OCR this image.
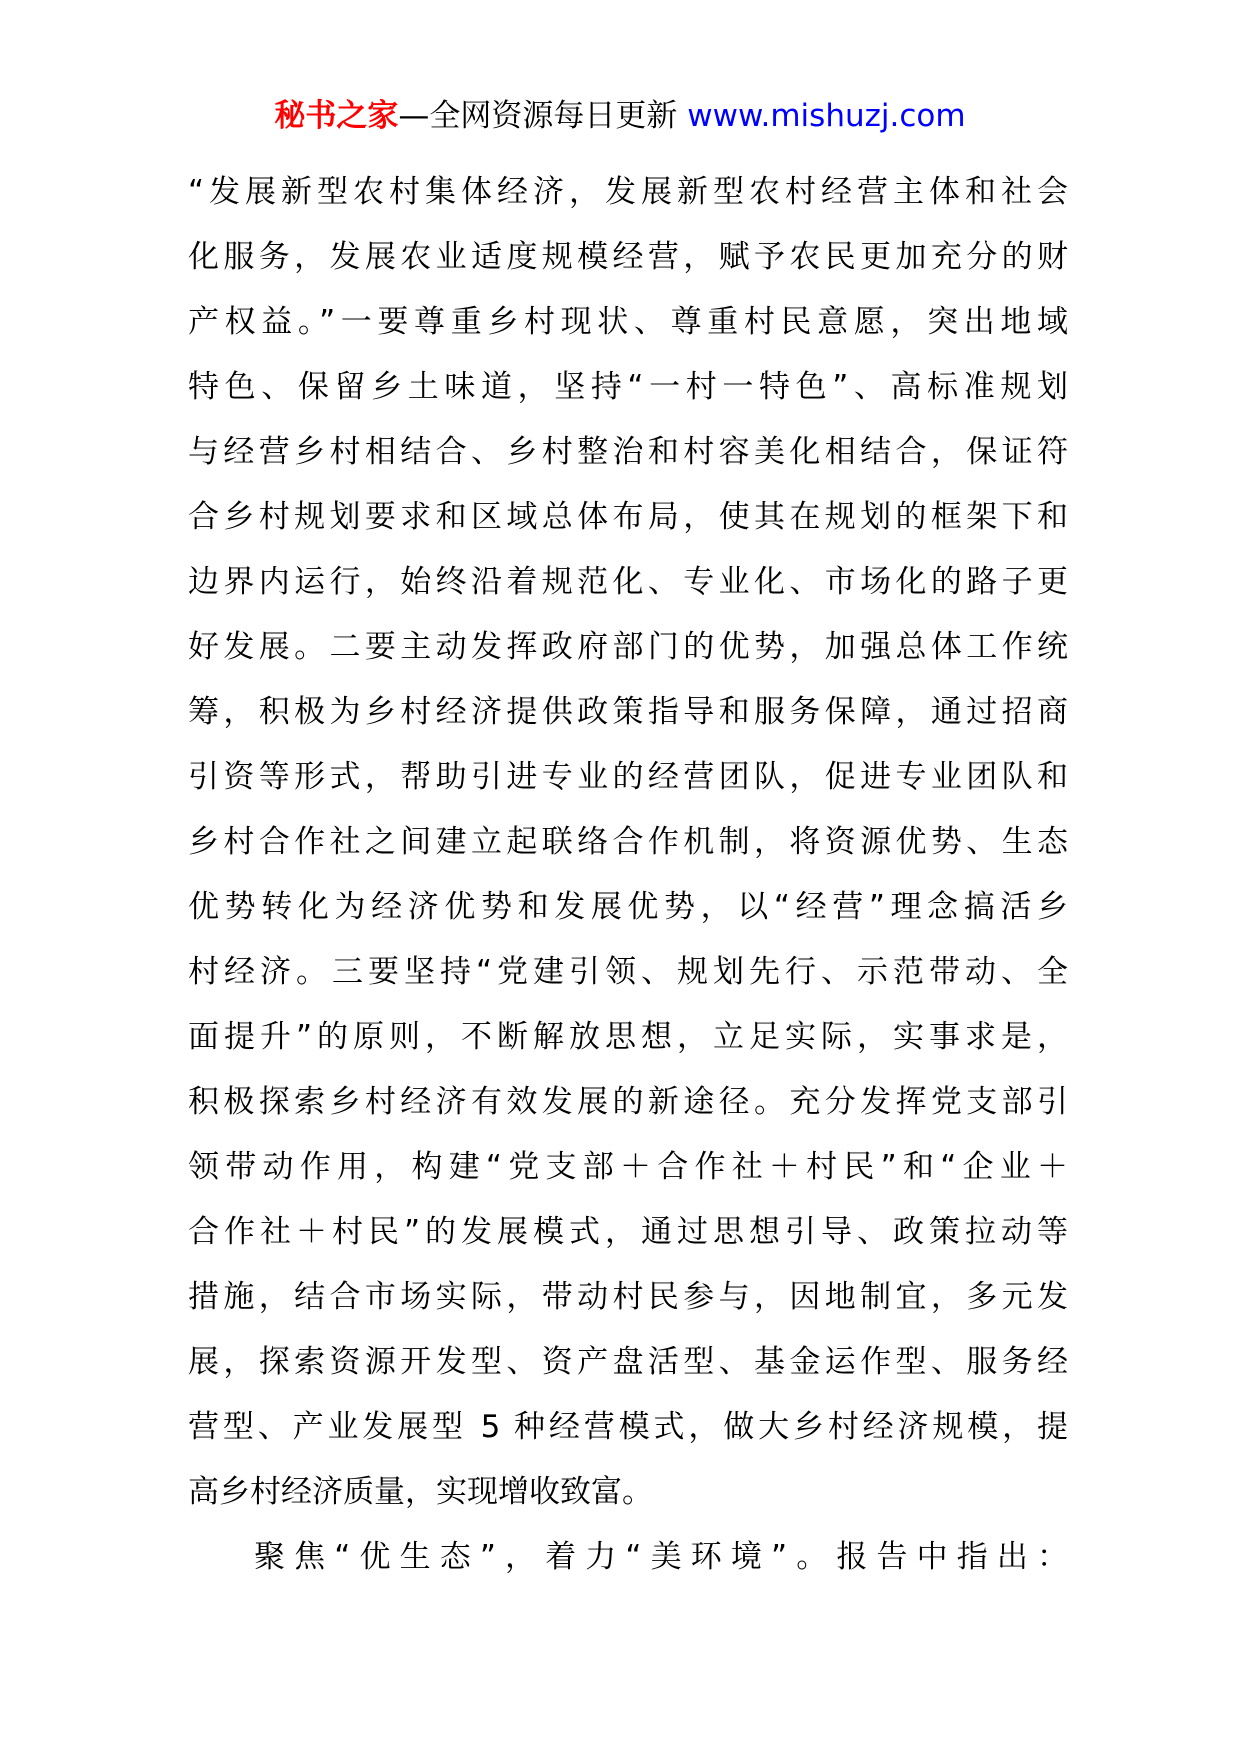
秘书之家—全网资源每日更新 www.mishuzj.com
“发展新型农村集体经济，发展新型农村经营主体和社会
化服务，发展农业适度规模经营，赋予农民更加充分的财
产权益。”一要尊重乡村现状、尊重村民意愿，突出地域
特色、保留乡土味道，坚持“一村一特色”、高标准规划
与经营乡村相结合、乡村整治和村容美化相结合，保证符
合乡村规划要求和区域总体布局，使其在规划的框架下和
边界内运行，始终沿着规范化、专业化、市场化的路子更
好发展。二要主动发挥政府部门的优势，加强总体工作统
筹，积极为乡村经济提供政策指导和服务保障，通过招商
引资等形式，帮助引进专业的经营团队，促进专业团队和
乡村合作社之间建立起联络合作机制，将资源优势、生态
优势转化为经济优势和发展优势，以“经营”理念搞活乡
村经济。三要坚持“党建引领、规划先行、示范带动、全
面提升”的原则，不断解放思想，立足实际，实事求是，
积极探索乡村经济有效发展的新途径。充分发挥党支部引
领带动作用，构建“党支部＋合作社＋村民”和“企业＋
合作社＋村民”的发展模式，通过思想引导、政策拉动等
措施，结合市场实际，带动村民参与，因地制宜，多元发
展，探索资源开发型、资产盘活型、基金运作型、服务经
营型、产业发展型 5 种经营模式，做大乡村经济规模，提
高乡村经济质量，实现增收致富。
聚焦“优生态”，着力“美环境”。报告中指出：
